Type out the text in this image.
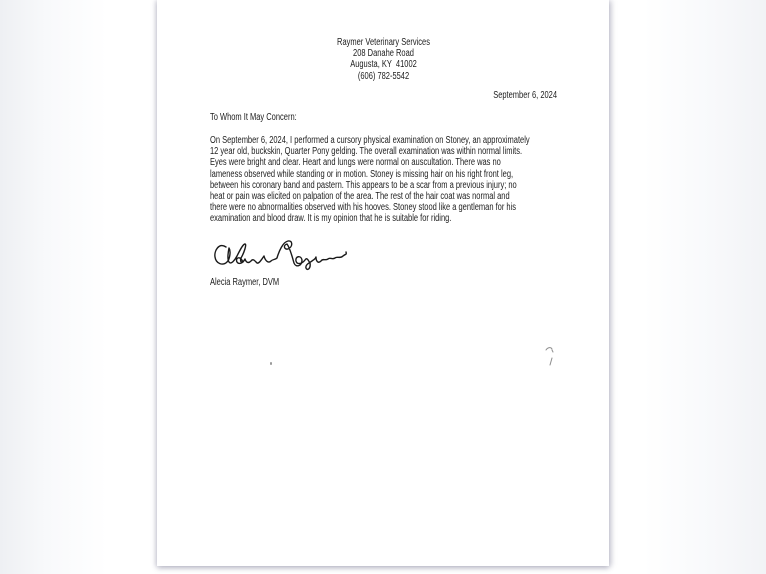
Raymer Veterinary Services
208 Danahe Road
Augusta, KY  41002
(606) 782-5542
September 6, 2024
To Whom It May Concern:
On September 6, 2024, I performed a cursory physical examination on Stoney, an approximately
12 year old, buckskin, Quarter Pony gelding. The overall examination was within normal limits.
Eyes were bright and clear. Heart and lungs were normal on auscultation. There was no
lameness observed while standing or in motion. Stoney is missing hair on his right front leg,
between his coronary band and pastern. This appears to be a scar from a previous injury; no
heat or pain was elicited on palpation of the area. The rest of the hair coat was normal and
there were no abnormalities observed with his hooves. Stoney stood like a gentleman for his
examination and blood draw. It is my opinion that he is suitable for riding.
Alecia Raymer, DVM
